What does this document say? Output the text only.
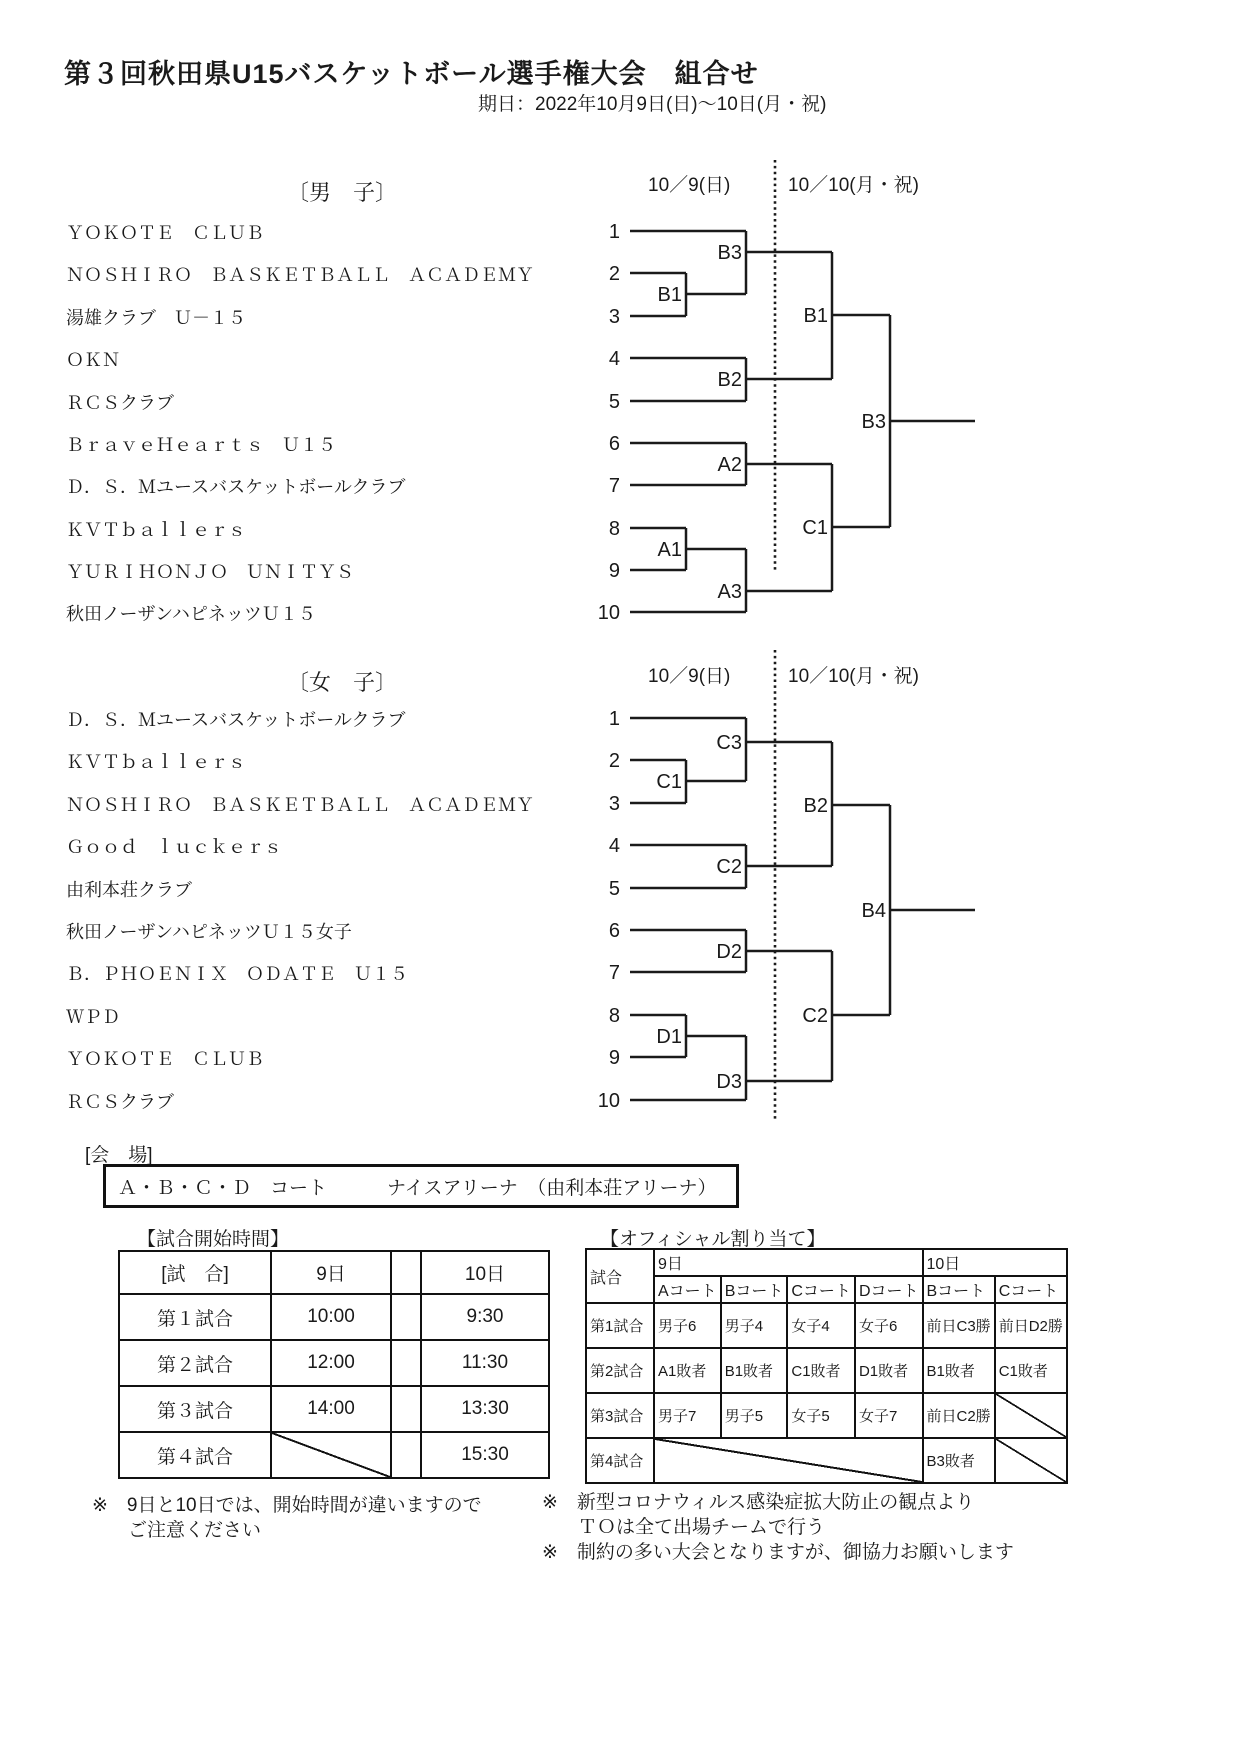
第３回秋田県U15バスケットボール選手権大会　組合せ
期日：2022年10月9日(日)～10日(月・祝)
〔男　子〕
〔女　子〕
ＹＯＫＯＴＥ　ＣＬＵＢ
ＮＯＳＨＩＲＯ　ＢＡＳＫＥＴＢＡＬＬ　ＡＣＡＤＥＭＹ
湯雄クラブ　Ｕ－１５
ＯＫＮ
ＲＣＳクラブ
ＢｒａｖｅＨｅａｒｔｓ　Ｕ１５
Ｄ．Ｓ．Ｍユースバスケットボールクラブ
ＫＶＴｂａｌｌｅｒｓ
ＹＵＲＩＨＯＮＪＯ　ＵＮＩＴＹＳ
秋田ノーザンハピネッツＵ１５
Ｄ．Ｓ．Ｍユースバスケットボールクラブ
ＫＶＴｂａｌｌｅｒｓ
ＮＯＳＨＩＲＯ　ＢＡＳＫＥＴＢＡＬＬ　ＡＣＡＤＥＭＹ
Ｇｏｏｄ　ｌｕｃｋｅｒｓ
由利本荘クラブ
秋田ノーザンハピネッツＵ１５女子
Ｂ．ＰＨＯＥＮＩＸ　ＯＤＡＴＥ　Ｕ１５
ＷＰＤ
ＹＯＫＯＴＥ　ＣＬＵＢ
ＲＣＳクラブ
10／9(日)	10／10(月・祝)
10／9(日)	10／10(月・祝)
1
2
3
4
5
6
7
8
9
10
1
2
3
4
5
6
7
8
9
10
B1
A1
B3
B2
A2
A3
B1
C1
B3
C1
D1
C3
C2
D2
D3
B2
C2
B4
[会　場]
Ａ・Ｂ・Ｃ・Ｄ　コート	ナイスアリーナ　（由利本荘アリーナ）
【試合開始時間】
[試　合]	9日		10日
第１試合	10:00		9:30
第２試合	12:00		11:30
第３試合	14:00		13:30
第４試合			15:30
【オフィシャル割り当て】
試合	9日				10日	
	Aコート	Bコート	Cコート	Dコート	Bコート	Cコート
第1試合	男子6	男子4	女子4	女子6	前日C3勝	前日D2勝
第2試合	A1敗者	B1敗者	C1敗者	D1敗者	B1敗者	C1敗者
第3試合	男子7	男子5	女子5	女子7	前日C2勝	
第4試合					B3敗者	
※　9日と10日では、開始時間が違いますので
ご注意ください
※　新型コロナウィルス感染症拡大防止の観点より
ＴＯは全て出場チームで行う
※　制約の多い大会となりますが、御協力お願いします
